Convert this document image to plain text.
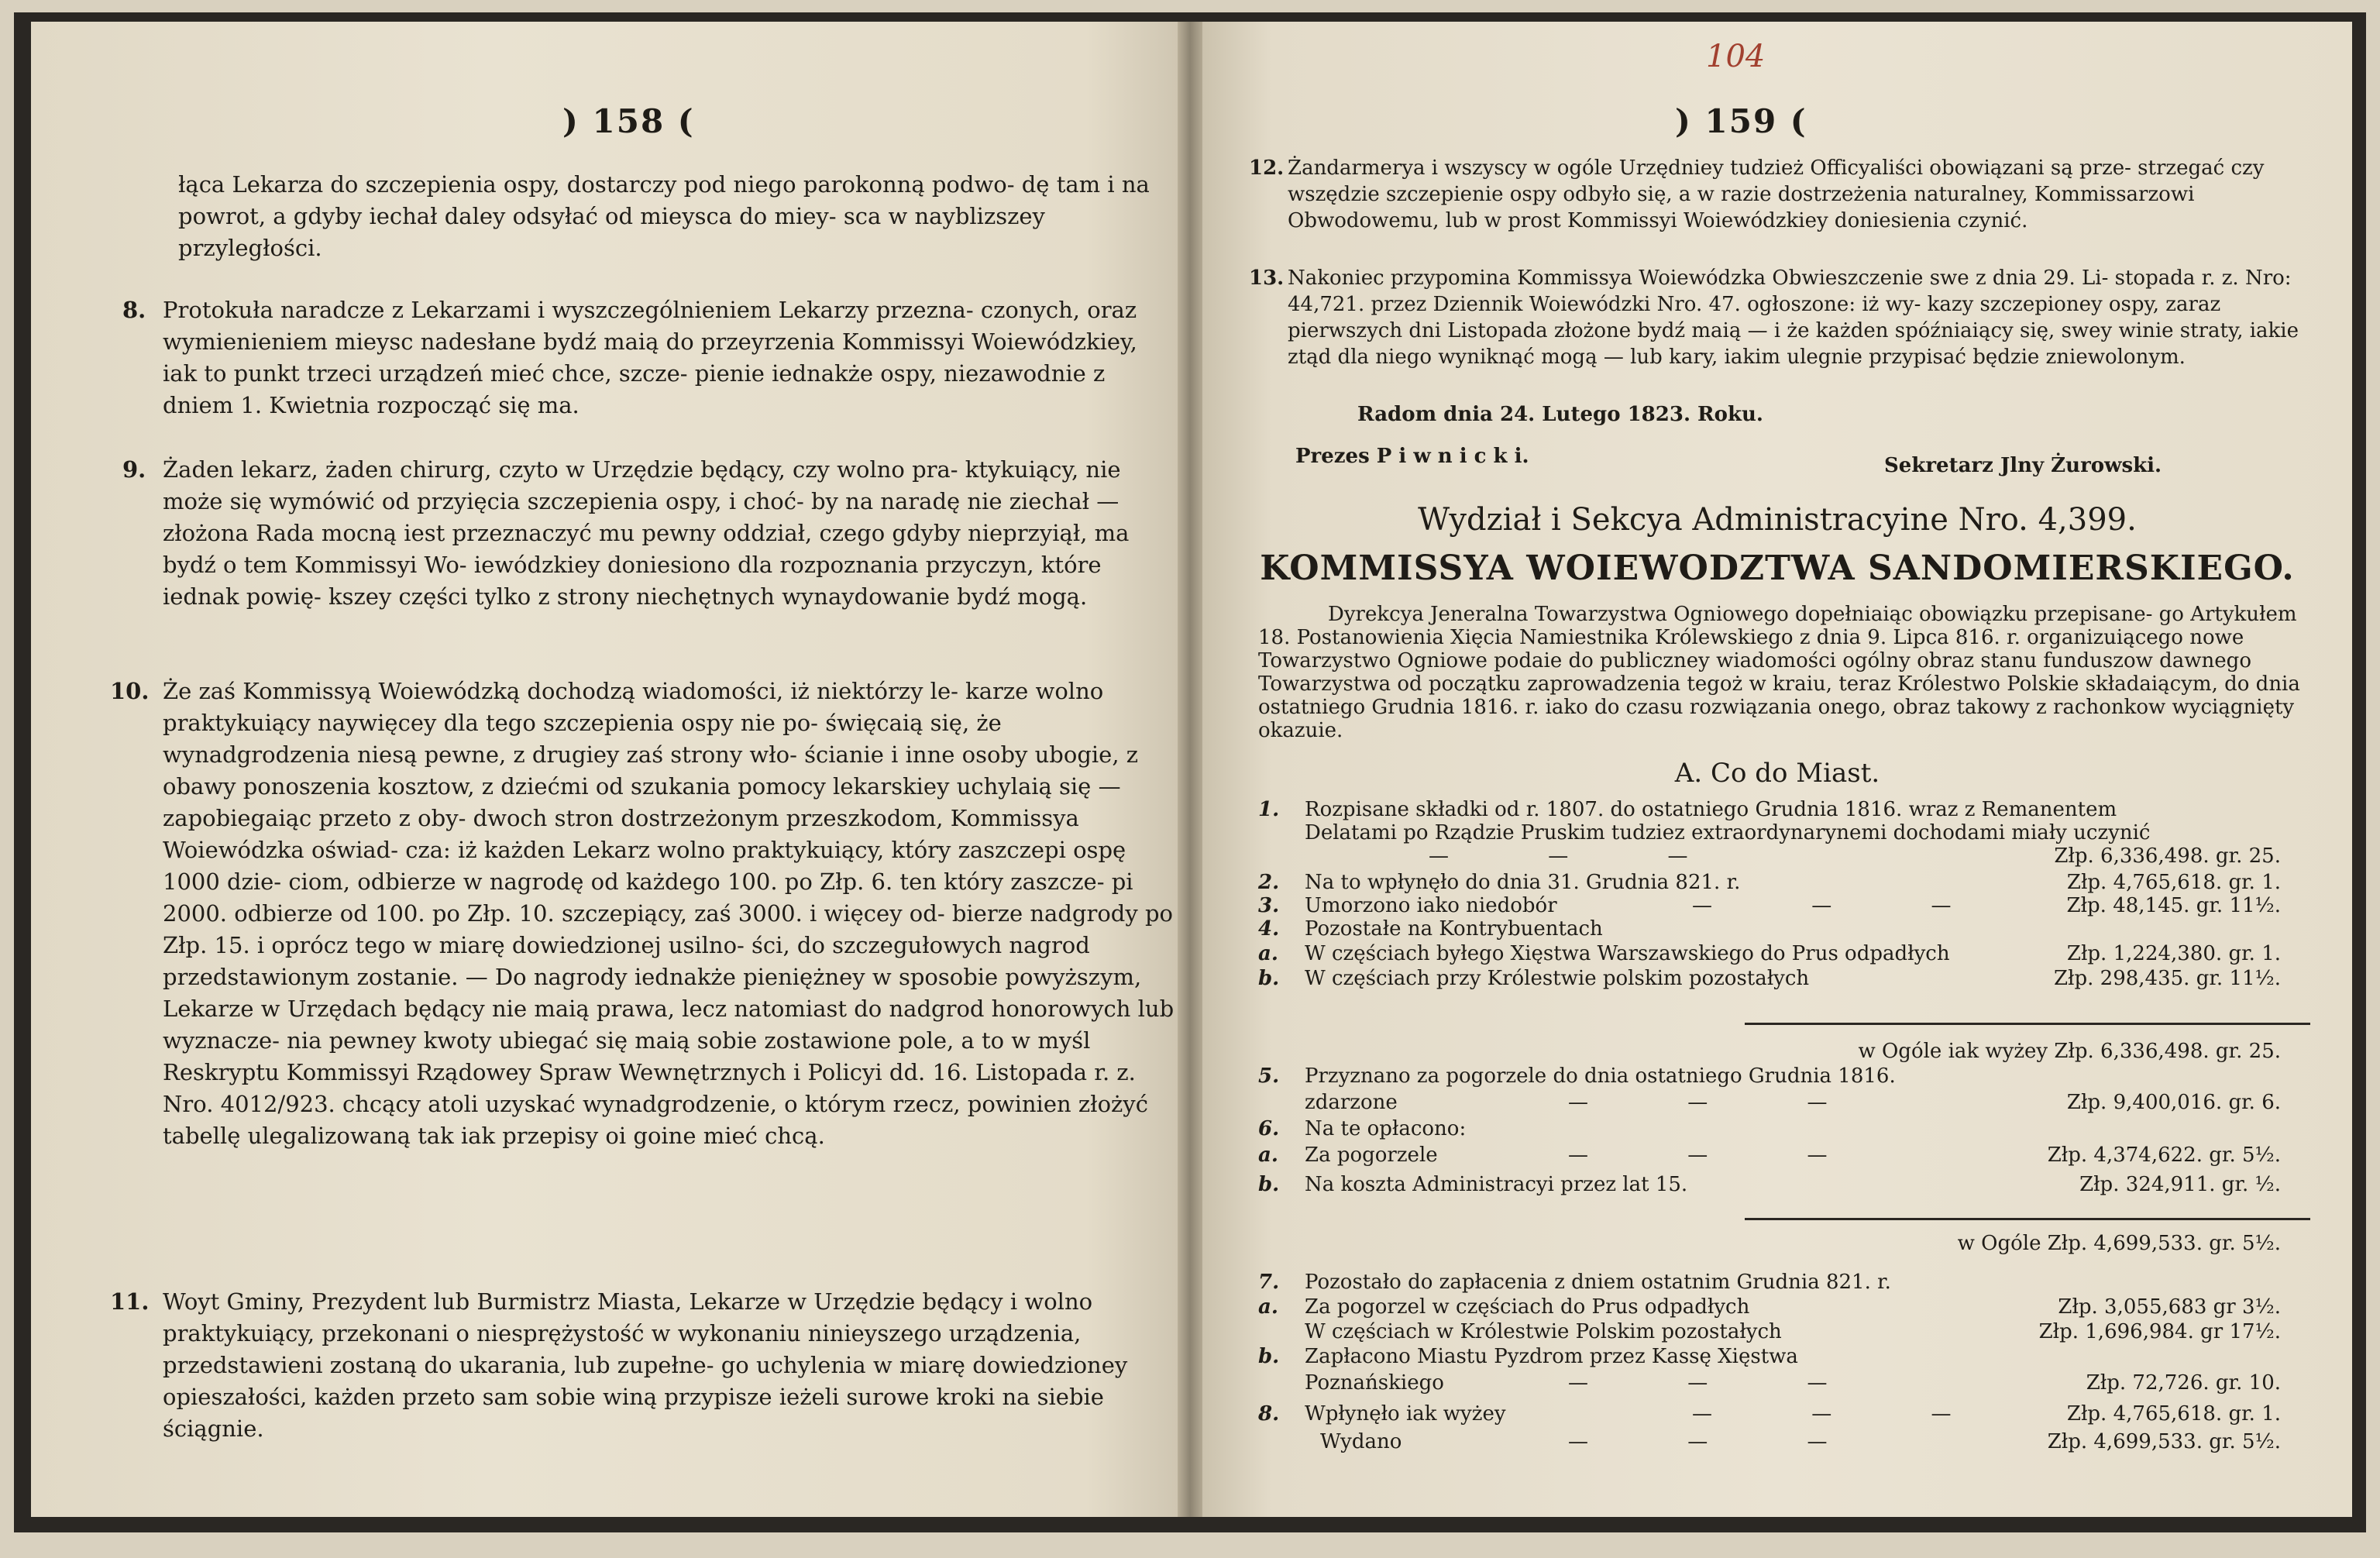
) 158 (
łąca Lekarza do szczepienia ospy, dostarczy pod niego parokonną podwo- dę tam i na powrot, a gdyby iechał daley odsyłać od mieysca do miey- sca w nayblizszey przyległości.
8. Protokuła naradcze z Lekarzami i wyszczególnieniem Lekarzy przezna- czonych, oraz wymienieniem mieysc nadesłane bydź maią do przeyrzenia Kommissyi Woiewódzkiey, iak to punkt trzeci urządzeń mieć chce, szcze- pienie iednakże ospy, niezawodnie z dniem 1. Kwietnia rozpocząć się ma.
9. Żaden lekarz, żaden chirurg, czyto w Urzędzie będący, czy wolno pra- ktykuiący, nie może się wymówić od przyięcia szczepienia ospy, i choć- by na naradę nie ziechał — złożona Rada mocną iest przeznaczyć mu pewny oddział, czego gdyby nieprzyiął, ma bydź o tem Kommissyi Wo- iewódzkiey doniesiono dla rozpoznania przyczyn, które iednak powię- kszey części tylko z strony niechętnych wynaydowanie bydź mogą.
10. Że zaś Kommissyą Woiewódzką dochodzą wiadomości, iż niektórzy le- karze wolno praktykuiący naywięcey dla tego szczepienia ospy nie po- święcaią się, że wynadgrodzenia niesą pewne, z drugiey zaś strony wło- ścianie i inne osoby ubogie, z obawy ponoszenia kosztow, z dziećmi od szukania pomocy lekarskiey uchylaią się — zapobiegaiąc przeto z oby- dwoch stron dostrzeżonym przeszkodom, Kommissya Woiewódzka oświad- cza: iż każden Lekarz wolno praktykuiący, który zaszczepi ospę 1000 dzie- ciom, odbierze w nagrodę od każdego 100. po Złp. 6. ten który zaszcze- pi 2000. odbierze od 100. po Złp. 10. szczepiący, zaś 3000. i więcey od- bierze nadgrody po Złp. 15. i oprócz tego w miarę dowiedzionej usilno- ści, do szczegułowych nagrod przedstawionym zostanie. — Do nagrody iednakże pieniężney w sposobie powyższym, Lekarze w Urzędach będący nie maią prawa, lecz natomiast do nadgrod honorowych lub wyznacze- nia pewney kwoty ubiegać się maią sobie zostawione pole, a to w myśl Reskryptu Kommissyi Rządowey Spraw Wewnętrznych i Policyi dd. 16. Listopada r. z. Nro. 4012/923. chcący atoli uzyskać wynadgrodzenie, o którym rzecz, powinien złożyć tabellę ulegalizowaną tak iak przepisy oi goine mieć chcą.
11. Woyt Gminy, Prezydent lub Burmistrz Miasta, Lekarze w Urzędzie będący i wolno praktykuiący, przekonani o niesprężystość w wykonaniu ninieyszego urządzenia, przedstawieni zostaną do ukarania, lub zupełne- go uchylenia w miarę dowiedzioney opieszałości, każden przeto sam sobie winą przypisze ieżeli surowe kroki na siebie ściągnie.
104
) 159 (
12. Żandarmerya i wszyscy w ogóle Urzędniey tudzież Officyaliści obowiązani są prze- strzegać czy wszędzie szczepienie ospy odbyło się, a w razie dostrzeżenia naturalney, Kommissarzowi Obwodowemu, lub w prost Kommissyi Woiewódzkiey doniesienia czynić.
13. Nakoniec przypomina Kommissya Woiewódzka Obwieszczenie swe z dnia 29. Li- stopada r. z. Nro: 44,721. przez Dziennik Woiewódzki Nro. 47. ogłoszone: iż wy- kazy szczepioney ospy, zaraz pierwszych dni Listopada złożone bydź maią — i że każden spóźniaiący się, swey winie straty, iakie ztąd dla niego wyniknąć mogą — lub kary, iakim ulegnie przypisać będzie zniewolonym.
Radom dnia 24. Lutego 1823. Roku.
Prezes P i w n i c k i.	Sekretarz Jlny Żurowski.
Wydział i Sekcya Administracyine Nro. 4,399.
KOMMISSYA WOIEWODZTWA SANDOMIERSKIEGO.
Dyrekcya Jeneralna Towarzystwa Ogniowego dopełniaiąc obowiązku przepisane- go Artykułem 18. Postanowienia Xięcia Namiestnika Królewskiego z dnia 9. Lipca 816. r. organizuiącego nowe Towarzystwo Ogniowe podaie do publiczney wiadomości ogólny obraz stanu funduszow dawnego Towarzystwa od początku zaprowadzenia tegoż w kraiu, teraz Królestwo Polskie składaiącym, do dnia ostatniego Grudnia 1816. r. iako do czasu rozwiązania onego, obraz takowy z rachonkow wyciągnięty okazuie.
A. Co do Miast.
1. Rozpisane składki od r. 1807. do ostatniego Grudnia 1816. wraz z Remanentem
Delatami po Rządzie Pruskim tudziez extraordynarynemi dochodami miały uczynić
— — —	Złp. 6,336,498. gr. 25.
2. Na to wpłynęło do dnia 31. Grudnia 821. r.	Złp. 4,765,618. gr. 1.
3. Umorzono iako niedobór	— — —	Złp. 48,145. gr. 11½.
4. Pozostałe na Kontrybuentach
a.	W częściach byłego Xięstwa Warszawskiego do Prus odpadłych	Złp. 1,224,380. gr. 1.
b. W częściach przy Królestwie polskim pozostałych	Złp. 298,435. gr. 11½.
w Ogóle iak wyżey Złp. 6,336,498. gr. 25.
5. Przyznano za pogorzele do dnia ostatniego Grudnia 1816.
zdarzone	— — —	Złp. 9,400,016. gr. 6.
6. Na te opłacono:
a.	Za pogorzele	— — —	Złp. 4,374,622. gr. 5½.
b. Na koszta Administracyi przez lat 15.	Złp. 324,911. gr. ½.
w Ogóle Złp. 4,699,533. gr. 5½.
7. Pozostało do zapłacenia z dniem ostatnim Grudnia 821. r.
a.	Za pogorzel w częściach do Prus odpadłych	Złp. 3,055,683 gr 3½.
W częściach w Królestwie Polskim pozostałych	Złp. 1,696,984. gr 17½.
b. Zapłacono Miastu Pyzdrom przez Kassę Xięstwa
Poznańskiego	— — —	Złp. 72,726. gr. 10.
8. Wpłynęło iak wyżey	— — —	Złp. 4,765,618. gr. 1.
Wydano	— — —	Złp. 4,699,533. gr. 5½.
